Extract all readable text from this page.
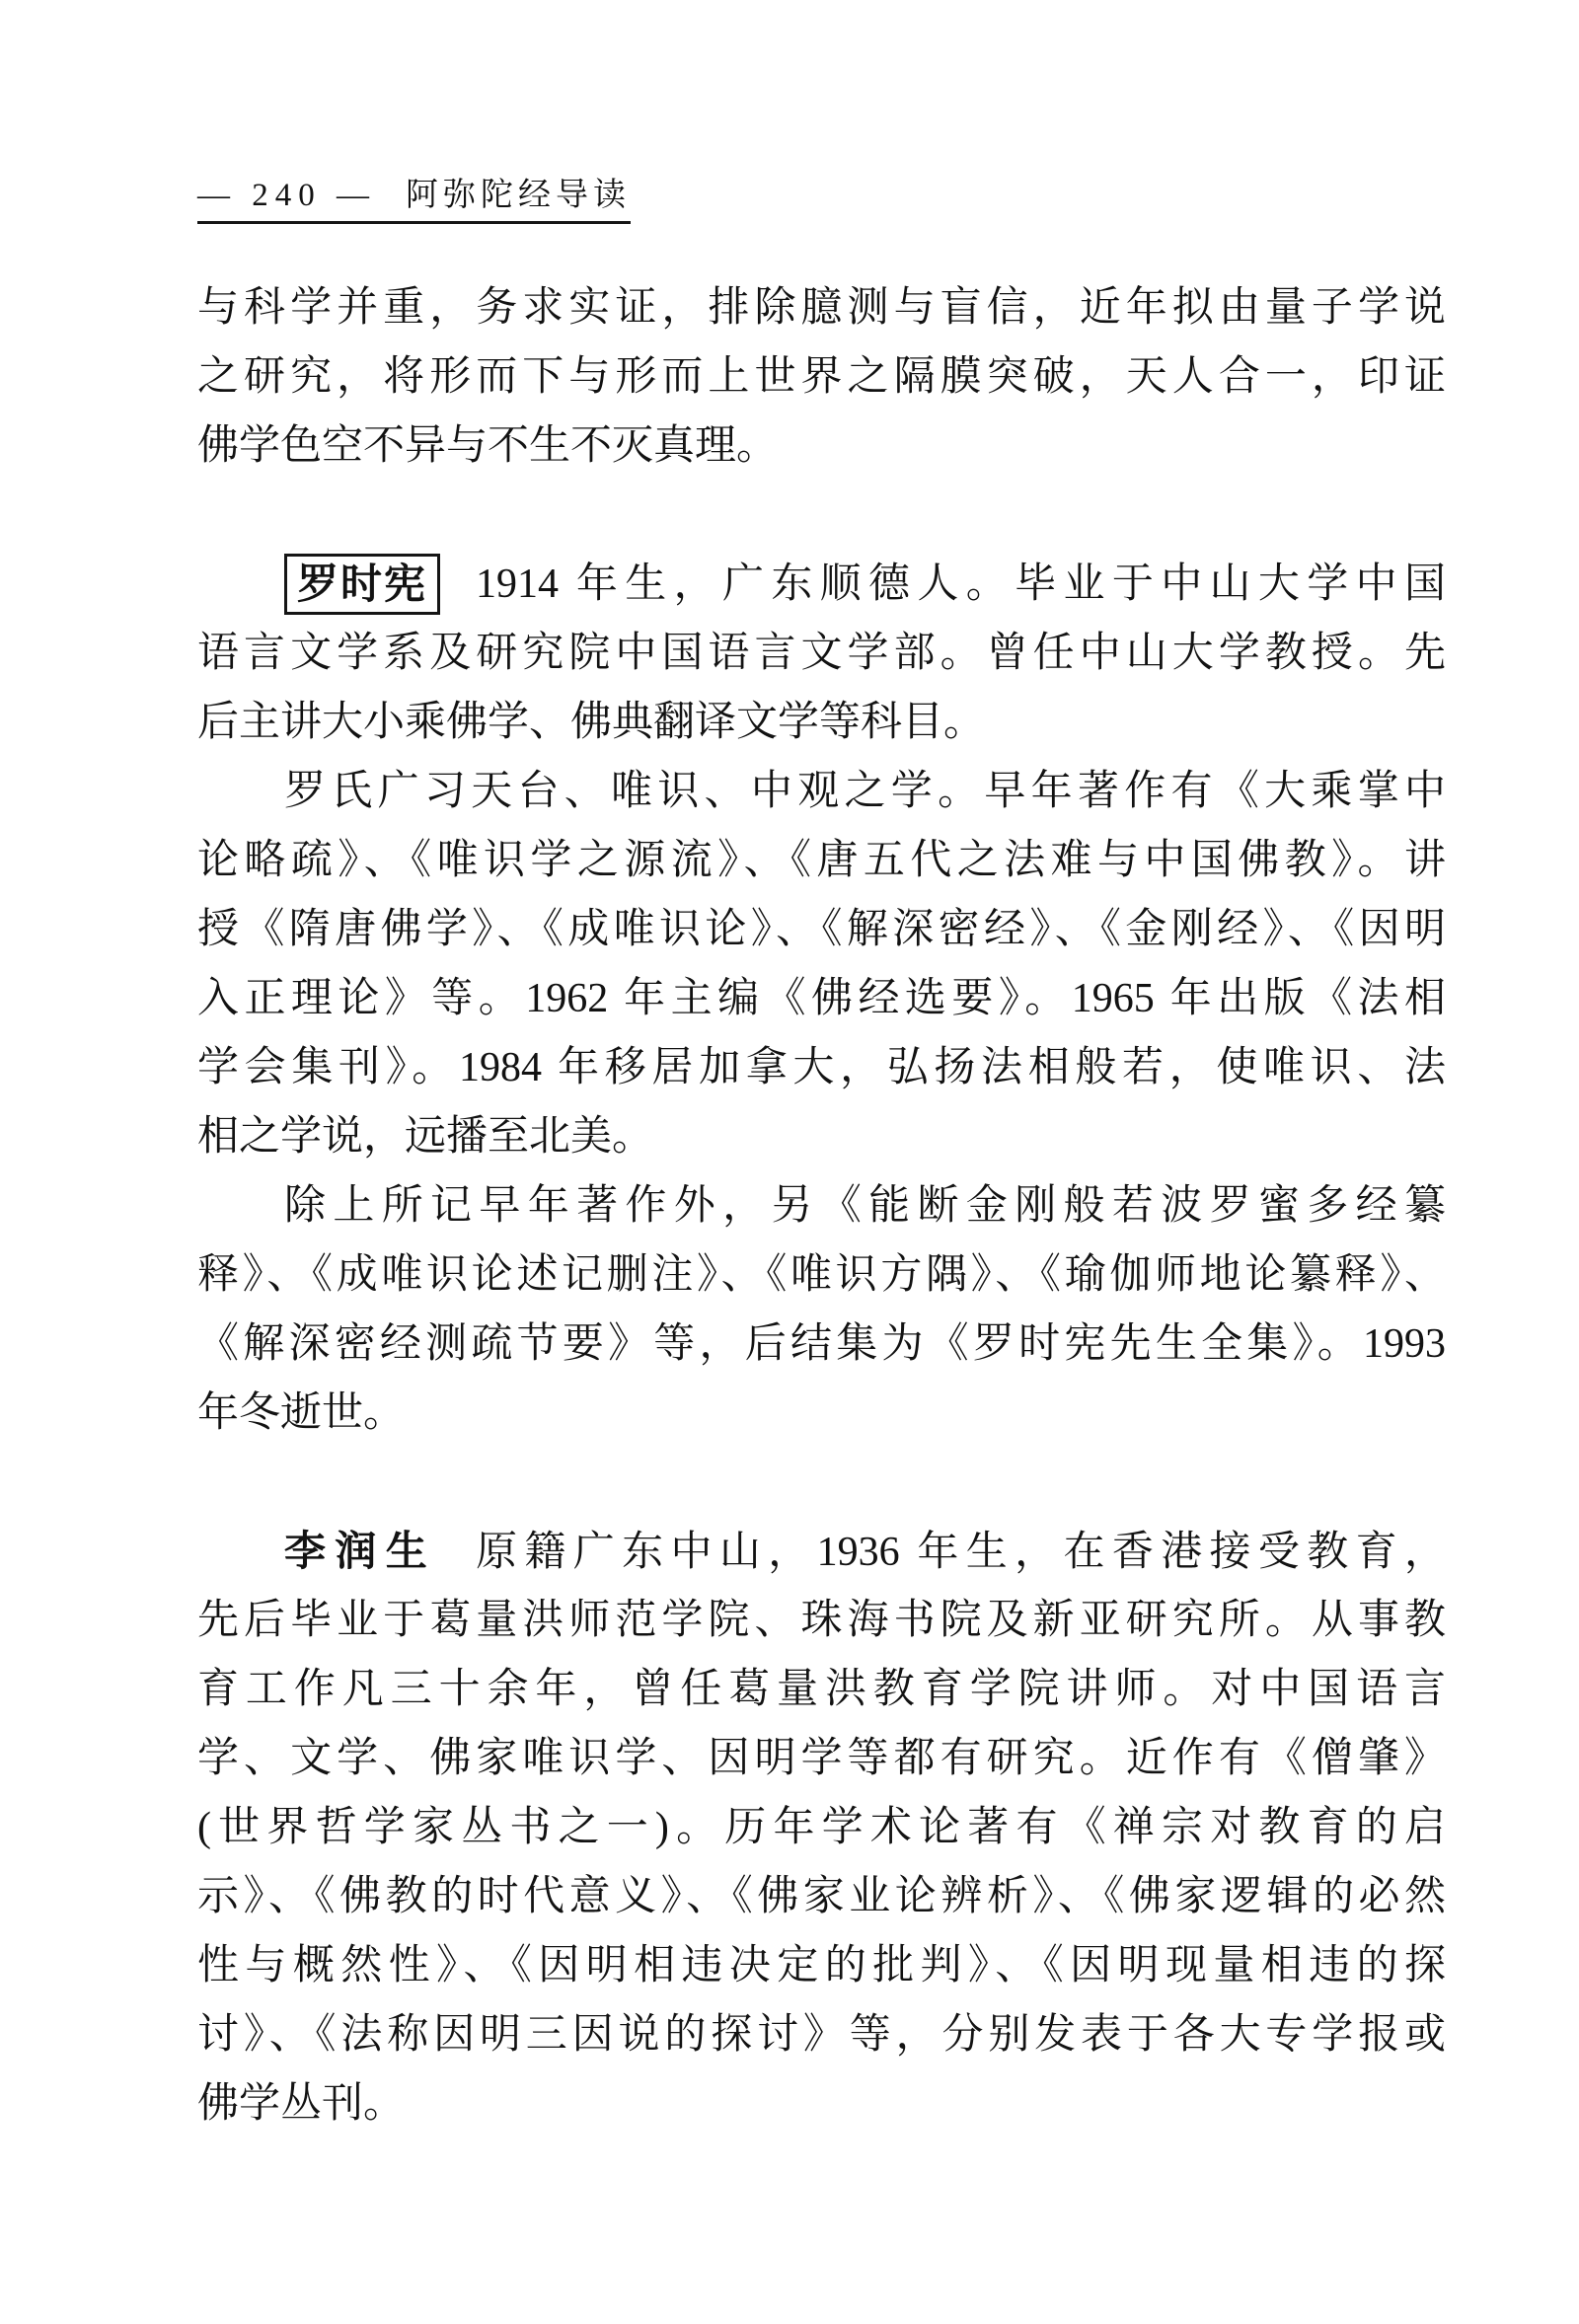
— 240 — 阿弥陀经导读
与科学并重，务求实证，排除臆测与盲信，近年拟由量子学说
之研究，将形而下与形而上世界之隔膜突破，天人合一，印证
佛学色空不异与不生不灭真理。
罗时宪 1914 年生，广东顺德人。毕业于中山大学中国
语言文学系及研究院中国语言文学部。曾任中山大学教授。先
后主讲大小乘佛学、佛典翻译文学等科目。
罗氏广习天台、唯识、中观之学。早年著作有《大乘掌中
论略疏》、《唯识学之源流》、《唐五代之法难与中国佛教》。讲
授《隋唐佛学》、《成唯识论》、《解深密经》、《金刚经》、《因明
入正理论》等。1962 年主编《佛经选要》。1965 年出版《法相
学会集刊》。1984 年移居加拿大，弘扬法相般若，使唯识、法
相之学说，远播至北美。
除上所记早年著作外，另《能断金刚般若波罗蜜多经纂
释》、《成唯识论述记删注》、《唯识方隅》、《瑜伽师地论纂释》、
《解深密经测疏节要》等，后结集为《罗时宪先生全集》。1993
年冬逝世。
李润生 原籍广东中山，1936 年生，在香港接受教育，
先后毕业于葛量洪师范学院、珠海书院及新亚研究所。从事教
育工作凡三十余年，曾任葛量洪教育学院讲师。对中国语言
学、文学、佛家唯识学、因明学等都有研究。近作有《僧肇》
(世界哲学家丛书之一)。历年学术论著有《禅宗对教育的启
示》、《佛教的时代意义》、《佛家业论辨析》、《佛家逻辑的必然
性与概然性》、《因明相违决定的批判》、《因明现量相违的探
讨》、《法称因明三因说的探讨》等，分别发表于各大专学报或
佛学丛刊。
